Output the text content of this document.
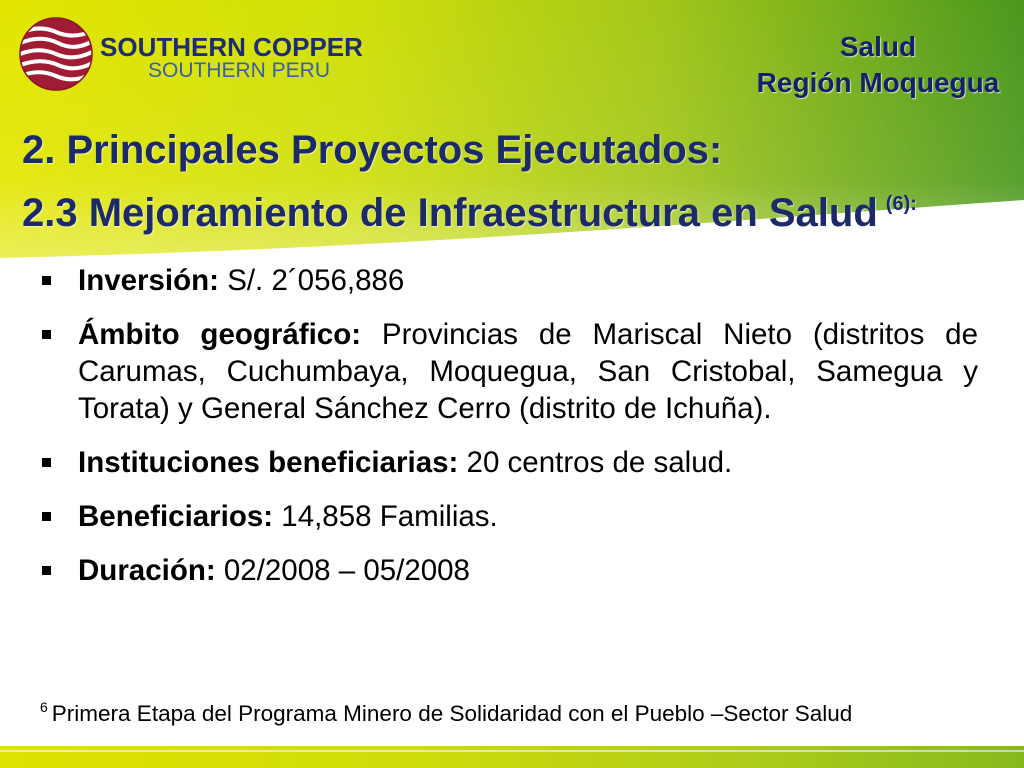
SOUTHERN COPPER
SOUTHERN PERU
Salud
Región Moquegua
2. Principales Proyectos Ejecutados:
2.3 Mejoramiento de Infraestructura en Salud $^{(6):}$
Inversión: S/. 2´056,886
Ámbito geográfico: Provincias de Mariscal Nieto (distritos de Carumas, Cuchumbaya, Moquegua, San Cristobal, Samegua y Torata) y General Sánchez Cerro (distrito de Ichuña).
Instituciones beneficiarias: 20 centros de salud.
Beneficiarios: 14,858 Familias.
Duración: 02/2008 – 05/2008
$^6$ Primera Etapa del Programa Minero de Solidaridad con el Pueblo –Sector Salud
